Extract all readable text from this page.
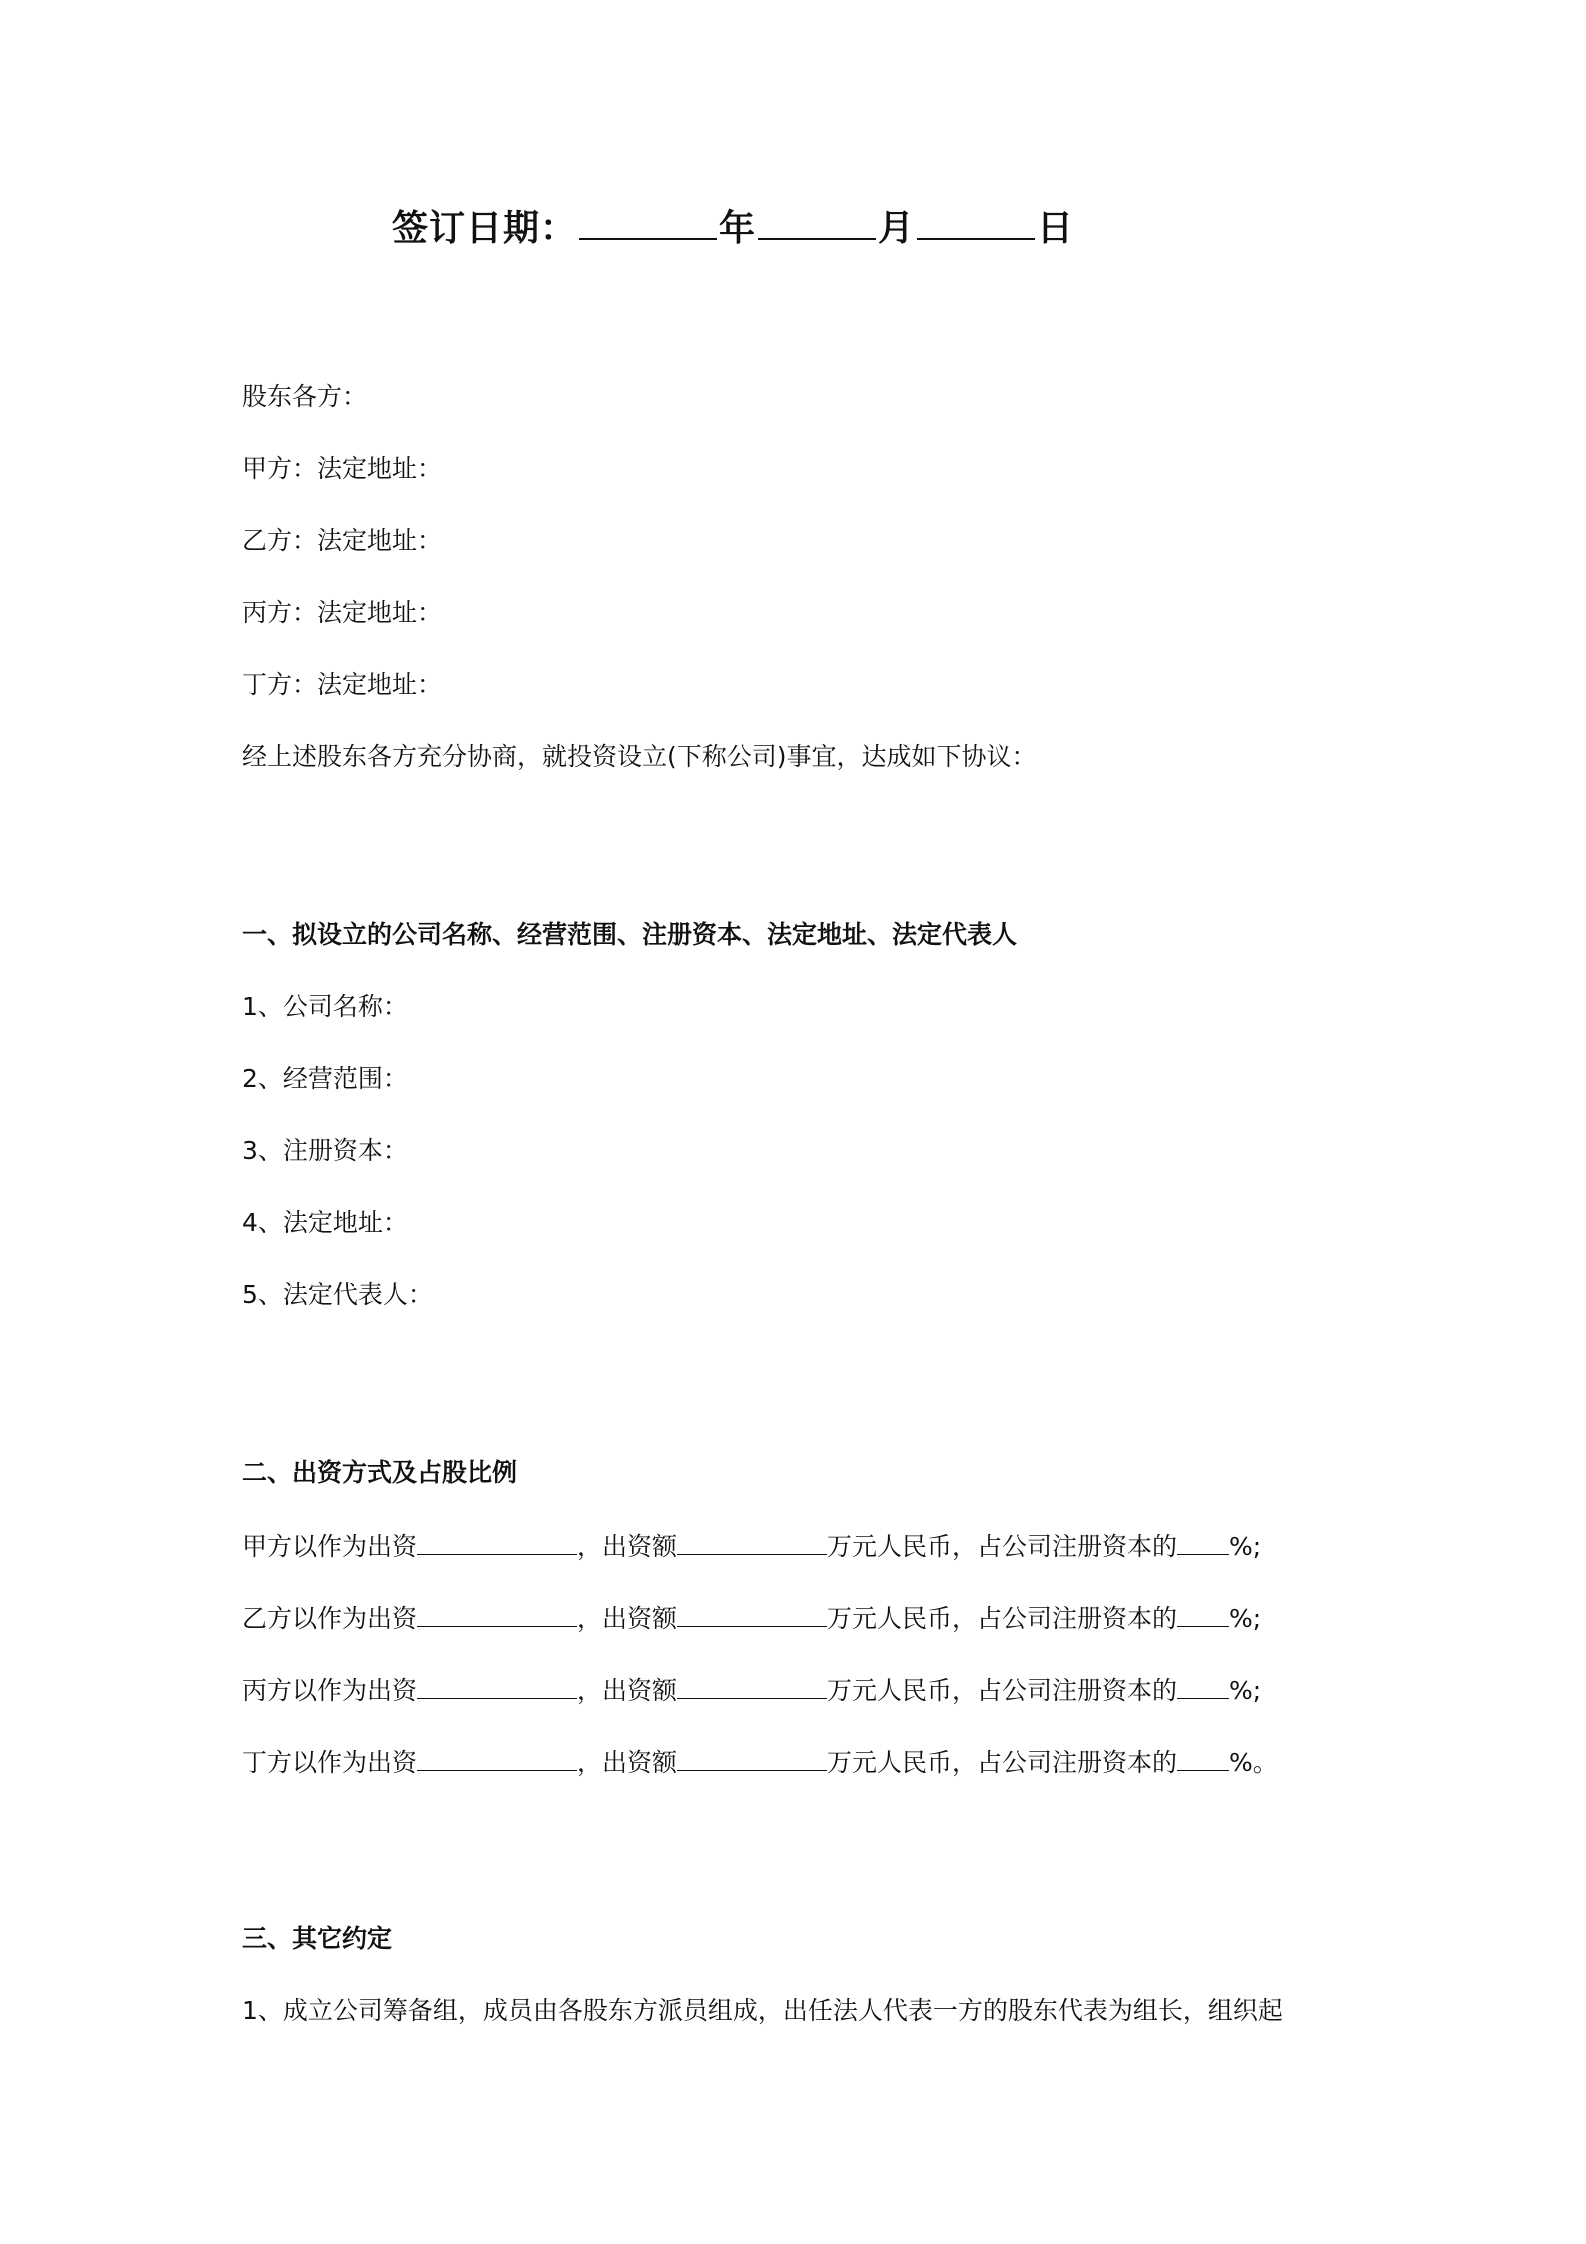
签订日期：	年	月	日
股东各方：
甲方：法定地址：
乙方：法定地址：
丙方：法定地址：
丁方：法定地址：
经上述股东各方充分协商，就投资设立(下称公司)事宜，达成如下协议：
一、拟设立的公司名称、经营范围、注册资本、法定地址、法定代表人
1、公司名称：
2、经营范围：
3、注册资本：
4、法定地址：
5、法定代表人：
二、出资方式及占股比例
甲方以作为出资	，出资额	万元人民币，占公司注册资本的 %;
乙方以作为出资	，出资额	万元人民币，占公司注册资本的 %;
丙方以作为出资	，出资额	万元人民币，占公司注册资本的 %;
丁方以作为出资	，出资额	万元人民币，占公司注册资本的 %。
三、其它约定
1、成立公司筹备组，成员由各股东方派员组成，出任法人代表一方的股东代表为组长，组织起
